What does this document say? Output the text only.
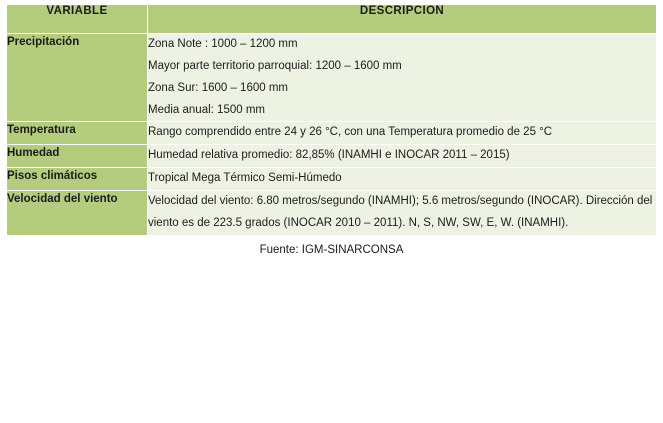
VARIABLE	DESCRIPCION
Precipitación	Zona Note : 1000 – 1200 mm

Mayor parte territorio parroquial: 1200 – 1600 mm

Zona Sur: 1600 – 1600 mm

Media anual: 1500 mm

Temperatura	Rango comprendido entre 24 y 26 °C, con una Temperatura promedio de 25 °C

Humedad	Humedad relativa promedio: 82,85% (INAMHI e INOCAR 2011 – 2015)

Pisos climáticos	Tropical Mega Térmico Semi-Húmedo

Velocidad del viento	Velocidad del viento: 6.80 metros/segundo (INAMHI); 5.6 metros/segundo (INOCAR). Dirección del viento es de 223.5 grados (INOCAR 2010 – 2011). N, S, NW, SW, E, W. (INAMHI).

Fuente: IGM-SINARCONSA
